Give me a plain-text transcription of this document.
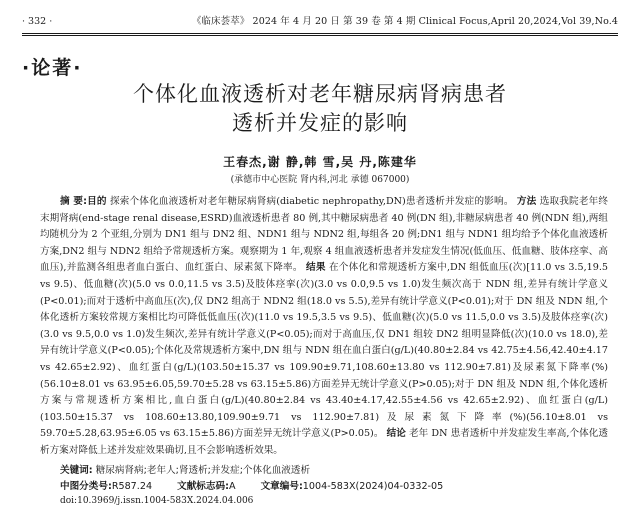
· 332 ·	《临床荟萃》 2024 年 4 月 20 日 第 39 卷 第 4 期 Clinical Focus,April 20,2024,Vol 39,No.4
·论著·
个体化血液透析对老年糖尿病肾病患者
透析并发症的影响
王春杰,谢 静,韩 雪,吴 丹,陈建华
(承德市中心医院 肾内科,河北 承德 067000)

摘 要:目的 探索个体化血液透析对老年糖尿病肾病(diabetic nephropathy,DN)患者透析并发症的影响。 方法 选取我院老年终末期肾病(end-stage renal disease,ESRD)血液透析患者 80 例,其中糖尿病患者 40 例(DN 组),非糖尿病患者 40 例(NDN 组),两组均随机分为 2 个亚组,分别为 DN1 组与 DN2 组、NDN1 组与 NDN2 组,每组各 20 例;DN1 组与 NDN1 组均给予个体化血液透析方案,DN2 组与 NDN2 组给予常规透析方案。观察期为 1 年,观察 4 组血液透析患者并发症发生情况(低血压、低血糖、肢体痉挛、高血压),并监测各组患者血白蛋白、血红蛋白、尿素氮下降率。 结果 在个体化和常规透析方案中,DN 组低血压(次)[11.0 vs 3.5,19.5 vs 9.5)、低血糖(次)(5.0 vs 0.0,11.5 vs 3.5)及肢体痉挛(次)(3.0 vs 0.0,9.5 vs 1.0)发生频次高于 NDN 组,差异有统计学意义(P<0.01);而对于透析中高血压(次),仅 DN2 组高于 NDN2 组(18.0 vs 5.5),差异有统计学意义(P<0.01);对于 DN 组及 NDN 组,个体化透析方案较常规方案相比均可降低低血压(次)(11.0 vs 19.5,3.5 vs 9.5)、低血糖(次)(5.0 vs 11.5,0.0 vs 3.5)及肢体痉挛(次)(3.0 vs 9.5,0.0 vs 1.0)发生频次,差异有统计学意义(P<0.05);而对于高血压,仅 DN1 组较 DN2 组明显降低(次)(10.0 vs 18.0),差异有统计学意义(P<0.05);个体化及常规透析方案中,DN 组与 NDN 组在血白蛋白(g/L)(40.80±2.84 vs 42.75±4.56,42.40±4.17 vs 42.65±2.92)、血红蛋白(g/L)(103.50±15.37 vs 109.90±9.71,108.60±13.80 vs 112.90±7.81)及尿素氮下降率(%)(56.10±8.01 vs 63.95±6.05,59.70±5.28 vs 63.15±5.86)方面差异无统计学意义(P>0.05);对于 DN 组及 NDN 组,个体化透析方案与常规透析方案相比,血白蛋白(g/L)(40.80±2.84 vs 43.40±4.17,42.55±4.56 vs 42.65±2.92)、血红蛋白(g/L)(103.50±15.37 vs 108.60±13.80,109.90±9.71 vs 112.90±7.81)及尿素氮下降率(%)(56.10±8.01 vs 59.70±5.28,63.95±6.05 vs 63.15±5.86)方面差异无统计学意义(P>0.05)。 结论 老年 DN 患者透析中并发症发生率高,个体化透析方案对降低上述并发症效果确切,且不会影响透析效果。

关键词: 糖尿病肾病;老年人;肾透析;并发症;个体化血液透析
中图分类号:R587.24	文献标志码:A	文章编号:1004-583X(2024)04-0332-05
doi:10.3969/j.issn.1004-583X.2024.04.006
